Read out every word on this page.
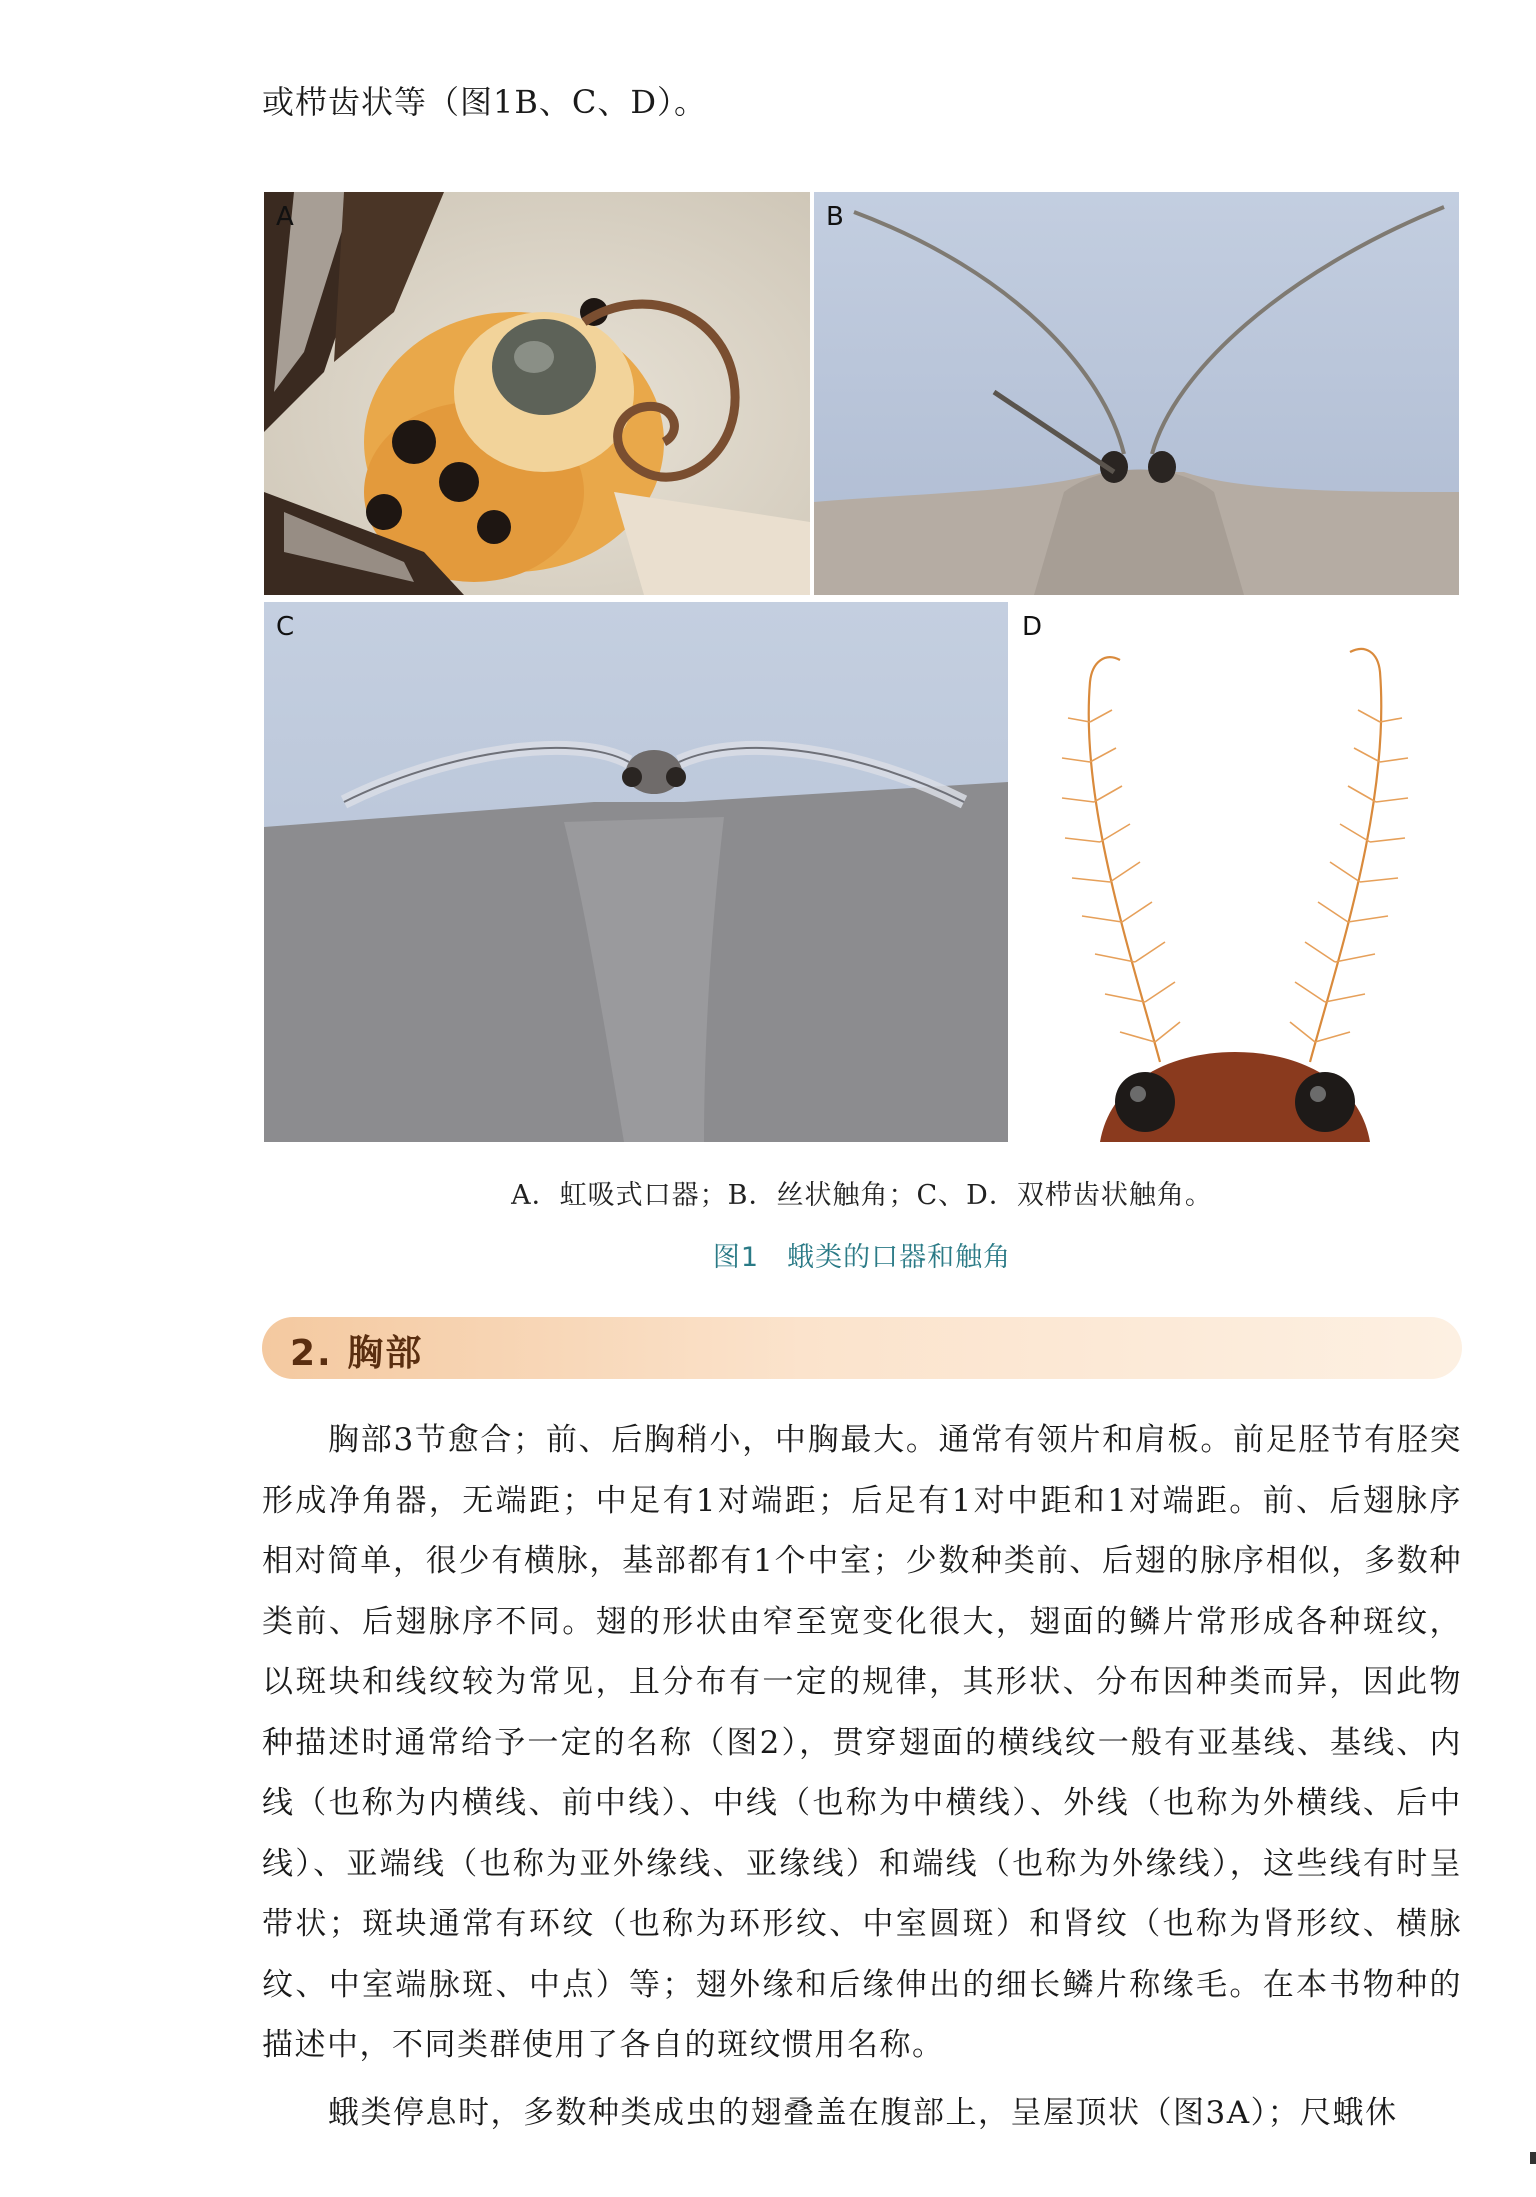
或栉齿状等（图1B、C、D）。
A	B
C	D
A．虹吸式口器；B．丝状触角；C、D．双栉齿状触角。
图1　蛾类的口器和触角
2. 胸部
胸部3节愈合；前、后胸稍小，中胸最大。通常有领片和肩板。前足胫节有胫突形成净角器，无端距；中足有1对端距；后足有1对中距和1对端距。前、后翅脉序相对简单，很少有横脉，基部都有1个中室；少数种类前、后翅的脉序相似，多数种类前、后翅脉序不同。翅的形状由窄至宽变化很大，翅面的鳞片常形成各种斑纹，以斑块和线纹较为常见，且分布有一定的规律，其形状、分布因种类而异，因此物种描述时通常给予一定的名称（图2），贯穿翅面的横线纹一般有亚基线、基线、内线（也称为内横线、前中线）、中线（也称为中横线）、外线（也称为外横线、后中线）、亚端线（也称为亚外缘线、亚缘线）和端线（也称为外缘线），这些线有时呈带状；斑块通常有环纹（也称为环形纹、中室圆斑）和肾纹（也称为肾形纹、横脉纹、中室端脉斑、中点）等；翅外缘和后缘伸出的细长鳞片称缘毛。在本书物种的描述中，不同类群使用了各自的斑纹惯用名称。
蛾类停息时，多数种类成虫的翅叠盖在腹部上，呈屋顶状（图3A）；尺蛾休
